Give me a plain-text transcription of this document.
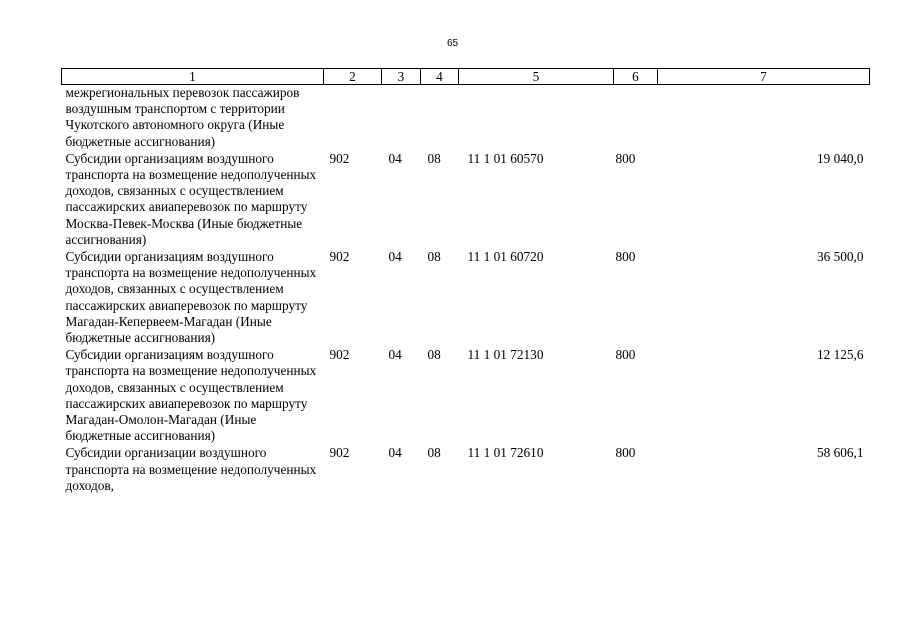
65
1	2	3	4	5	6	7
межрегиональных перевозок пассажиров воздушным транспортом с территории Чукотского автономного округа (Иные бюджетные ассигнования)						
Субсидии организациям воздушного транспорта на возмещение недополученных доходов, связанных с осуществлением пассажирских авиаперевозок по маршруту Москва-Певек-Москва (Иные бюджетные ассигнования)	902	04	08	11 1 01 60570	800	19 040,0
Субсидии организациям воздушного транспорта на возмещение недополученных доходов, связанных с осуществлением пассажирских авиаперевозок по маршруту Магадан-Кепервеем-Магадан (Иные бюджетные ассигнования)	902	04	08	11 1 01 60720	800	36 500,0
Субсидии организациям воздушного транспорта на возмещение недополученных доходов, связанных с осуществлением пассажирских авиаперевозок по маршруту Магадан-Омолон-Магадан (Иные бюджетные ассигнования)	902	04	08	11 1 01 72130	800	12 125,6
Субсидии организации воздушного транспорта на возмещение недополученных доходов,	902	04	08	11 1 01 72610	800	58 606,1
